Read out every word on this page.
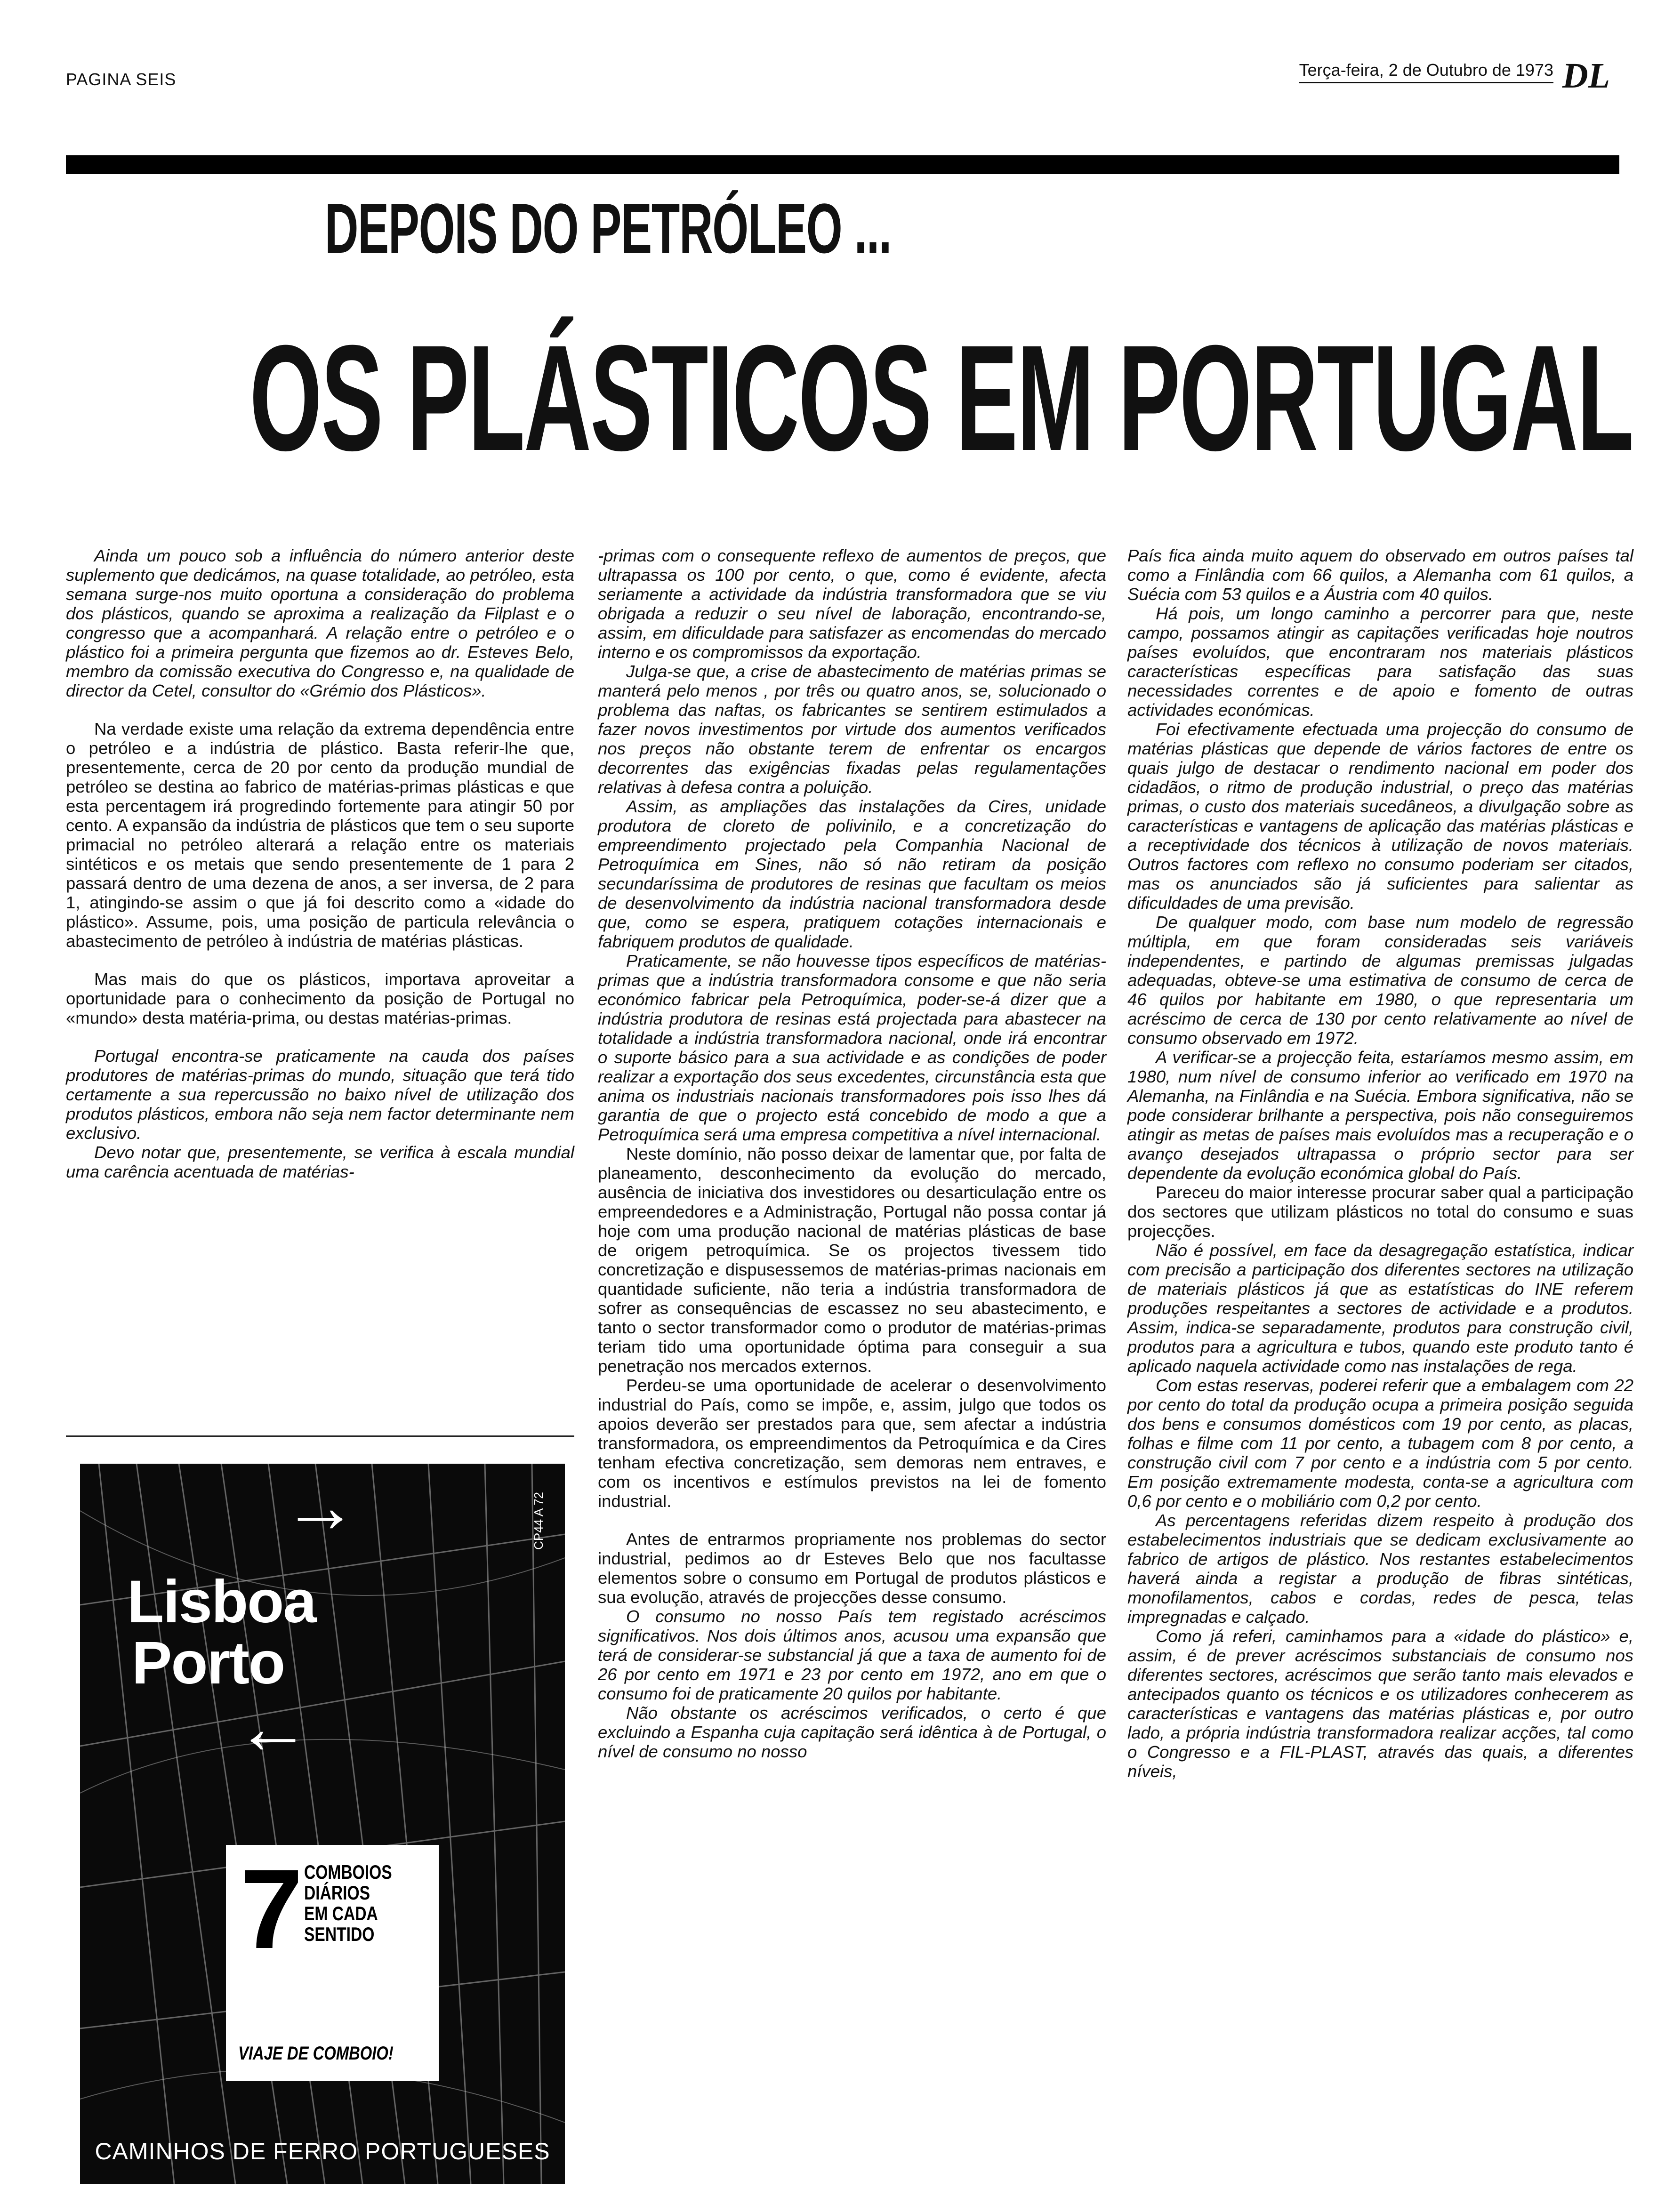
PAGINA SEIS	Terça-feira, 2 de Outubro de 1973 DL
DEPOIS DO PETRÓLEO ...
OS PLÁSTICOS EM PORTUGAL

Ainda um pouco sob a influência do número anterior deste suplemento que dedicámos, na quase totalidade, ao petróleo, esta semana surge-nos muito oportuna a consideração do problema dos plásticos, quando se aproxima a realização da Filplast e o congresso que a acompanhará. A relação entre o petróleo e o plástico foi a primeira pergunta que fizemos ao dr. Esteves Belo, membro da comissão executiva do Congresso e, na qualidade de director da Cetel, consultor do «Grémio dos Plásticos».

Na verdade existe uma relação da extrema dependência entre o petróleo e a indústria de plástico. Basta referir-lhe que, presentemente, cerca de 20 por cento da produção mundial de petróleo se destina ao fabrico de matérias-primas plásticas e que esta percentagem irá progredindo fortemente para atingir 50 por cento. A expansão da indústria de plásticos que tem o seu suporte primacial no petróleo alterará a relação entre os materiais sintéticos e os metais que sendo presentemente de 1 para 2 passará dentro de uma dezena de anos, a ser inversa, de 2 para 1, atingindo-se assim o que já foi descrito como a «idade do plástico». Assume, pois, uma posição de particula relevância o abastecimento de petróleo à indústria de matérias plásticas.

Mas mais do que os plásticos, importava aproveitar a oportunidade para o conhecimento da posição de Portugal no «mundo» desta matéria-prima, ou destas matérias-primas.

Portugal encontra-se praticamente na cauda dos países produtores de matérias-primas do mundo, situação que terá tido certamente a sua repercussão no baixo nível de utilização dos produtos plásticos, embora não seja nem factor determinante nem exclusivo.

Devo notar que, presentemente, se verifica à escala mundial uma carência acentuada de matérias-

-primas com o consequente reflexo de aumentos de preços, que ultrapassa os 100 por cento, o que, como é evidente, afecta seriamente a actividade da indústria transformadora que se viu obrigada a reduzir o seu nível de laboração, encontrando-se, assim, em dificuldade para satisfazer as encomendas do mercado interno e os compromissos da exportação.

Julga-se que, a crise de abastecimento de matérias primas se manterá pelo menos , por três ou quatro anos, se, solucionado o problema das naftas, os fabricantes se sentirem estimulados a fazer novos investimentos por virtude dos aumentos verificados nos preços não obstante terem de enfrentar os encargos decorrentes das exigências fixadas pelas regulamentações relativas à defesa contra a poluição.

Assim, as ampliações das instalações da Cires, unidade produtora de cloreto de polivinilo, e a concretização do empreendimento projectado pela Companhia Nacional de Petroquímica em Sines, não só não retiram da posição secundaríssima de produtores de resinas que facultam os meios de desenvolvimento da indústria nacional transformadora desde que, como se espera, pratiquem cotações internacionais e fabriquem produtos de qualidade.

Praticamente, se não houvesse tipos específicos de matérias-primas que a indústria transformadora consome e que não seria económico fabricar pela Petroquímica, poder-se-á dizer que a indústria produtora de resinas está projectada para abastecer na totalidade a indústria transformadora nacional, onde irá encontrar o suporte básico para a sua actividade e as condições de poder realizar a exportação dos seus excedentes, circunstância esta que anima os industriais nacionais transformadores pois isso lhes dá garantia de que o projecto está concebido de modo a que a Petroquímica será uma empresa competitiva a nível internacional.

Neste domínio, não posso deixar de lamentar que, por falta de planeamento, desconhecimento da evolução do mercado, ausência de iniciativa dos investidores ou desarticulação entre os empreendedores e a Administração, Portugal não possa contar já hoje com uma produção nacional de matérias plásticas de base de origem petroquímica. Se os projectos tivessem tido concretização e dispusessemos de matérias-primas nacionais em quantidade suficiente, não teria a indústria transformadora de sofrer as consequências de escassez no seu abastecimento, e tanto o sector transformador como o produtor de matérias-primas teriam tido uma oportunidade óptima para conseguir a sua penetração nos mercados externos.

Perdeu-se uma oportunidade de acelerar o desenvolvimento industrial do País, como se impõe, e, assim, julgo que todos os apoios deverão ser prestados para que, sem afectar a indústria transformadora, os empreendimentos da Petroquímica e da Cires tenham efectiva concretização, sem demoras nem entraves, e com os incentivos e estímulos previstos na lei de fomento industrial.

Antes de entrarmos propriamente nos problemas do sector industrial, pedimos ao dr Esteves Belo que nos facultasse elementos sobre o consumo em Portugal de produtos plásticos e sua evolução, através de projecções desse consumo.

O consumo no nosso País tem registado acréscimos significativos. Nos dois últimos anos, acusou uma expansão que terá de considerar-se substancial já que a taxa de aumento foi de 26 por cento em 1971 e 23 por cento em 1972, ano em que o consumo foi de praticamente 20 quilos por habitante.

Não obstante os acréscimos verificados, o certo é que excluindo a Espanha cuja capitação será idêntica à de Portugal, o nível de consumo no nosso

País fica ainda muito aquem do observado em outros países tal como a Finlândia com 66 quilos, a Alemanha com 61 quilos, a Suécia com 53 quilos e a Áustria com 40 quilos.

Há pois, um longo caminho a percorrer para que, neste campo, possamos atingir as capitações verificadas hoje noutros países evoluídos, que encontraram nos materiais plásticos características específicas para satisfação das suas necessidades correntes e de apoio e fomento de outras actividades económicas.

Foi efectivamente efectuada uma projecção do consumo de matérias plásticas que depende de vários factores de entre os quais julgo de destacar o rendimento nacional em poder dos cidadãos, o ritmo de produção industrial, o preço das matérias primas, o custo dos materiais sucedâneos, a divulgação sobre as características e vantagens de aplicação das matérias plásticas e a receptividade dos técnicos à utilização de novos materiais. Outros factores com reflexo no consumo poderiam ser citados, mas os anunciados são já suficientes para salientar as dificuldades de uma previsão.

De qualquer modo, com base num modelo de regressão múltipla, em que foram consideradas seis variáveis independentes, e partindo de algumas premissas julgadas adequadas, obteve-se uma estimativa de consumo de cerca de 46 quilos por habitante em 1980, o que representaria um acréscimo de cerca de 130 por cento relativamente ao nível de consumo observado em 1972.

A verificar-se a projecção feita, estaríamos mesmo assim, em 1980, num nível de consumo inferior ao verificado em 1970 na Alemanha, na Finlândia e na Suécia. Embora significativa, não se pode considerar brilhante a perspectiva, pois não conseguiremos atingir as metas de países mais evoluídos mas a recuperação e o avanço desejados ultrapassa o próprio sector para ser dependente da evolução económica global do País.

Pareceu do maior interesse procurar saber qual a participação dos sectores que utilizam plásticos no total do consumo e suas projecções.

Não é possível, em face da desagregação estatística, indicar com precisão a participação dos diferentes sectores na utilização de materiais plásticos já que as estatísticas do INE referem produções respeitantes a sectores de actividade e a produtos. Assim, indica-se separadamente, produtos para construção civil, produtos para a agricultura e tubos, quando este produto tanto é aplicado naquela actividade como nas instalações de rega.

Com estas reservas, poderei referir que a embalagem com 22 por cento do total da produção ocupa a primeira posição seguida dos bens e consumos domésticos com 19 por cento, as placas, folhas e filme com 11 por cento, a tubagem com 8 por cento, a construção civil com 7 por cento e a indústria com 5 por cento. Em posição extremamente modesta, conta-se a agricultura com 0,6 por cento e o mobiliário com 0,2 por cento.

As percentagens referidas dizem respeito à produção dos estabelecimentos industriais que se dedicam exclusivamente ao fabrico de artigos de plástico. Nos restantes estabelecimentos haverá ainda a registar a produção de fibras sintéticas, monofilamentos, cabos e cordas, redes de pesca, telas impregnadas e calçado.

Como já referi, caminhamos para a «idade do plástico» e, assim, é de prever acréscimos substanciais de consumo nos diferentes sectores, acréscimos que serão tanto mais elevados e antecipados quanto os técnicos e os utilizadores conhecerem as características e vantagens das matérias plásticas e, por outro lado, a própria indústria transformadora realizar acções, tal como o Congresso e a FIL-PLAST, através das quais, a diferentes níveis,

→	CP44 A 72
Lisboa
Porto
←
7 COMBOIOS
DIÁRIOS
EM CADA
SENTIDO
VIAJE DE COMBOIO!
CAMINHOS DE FERRO PORTUGUESES
